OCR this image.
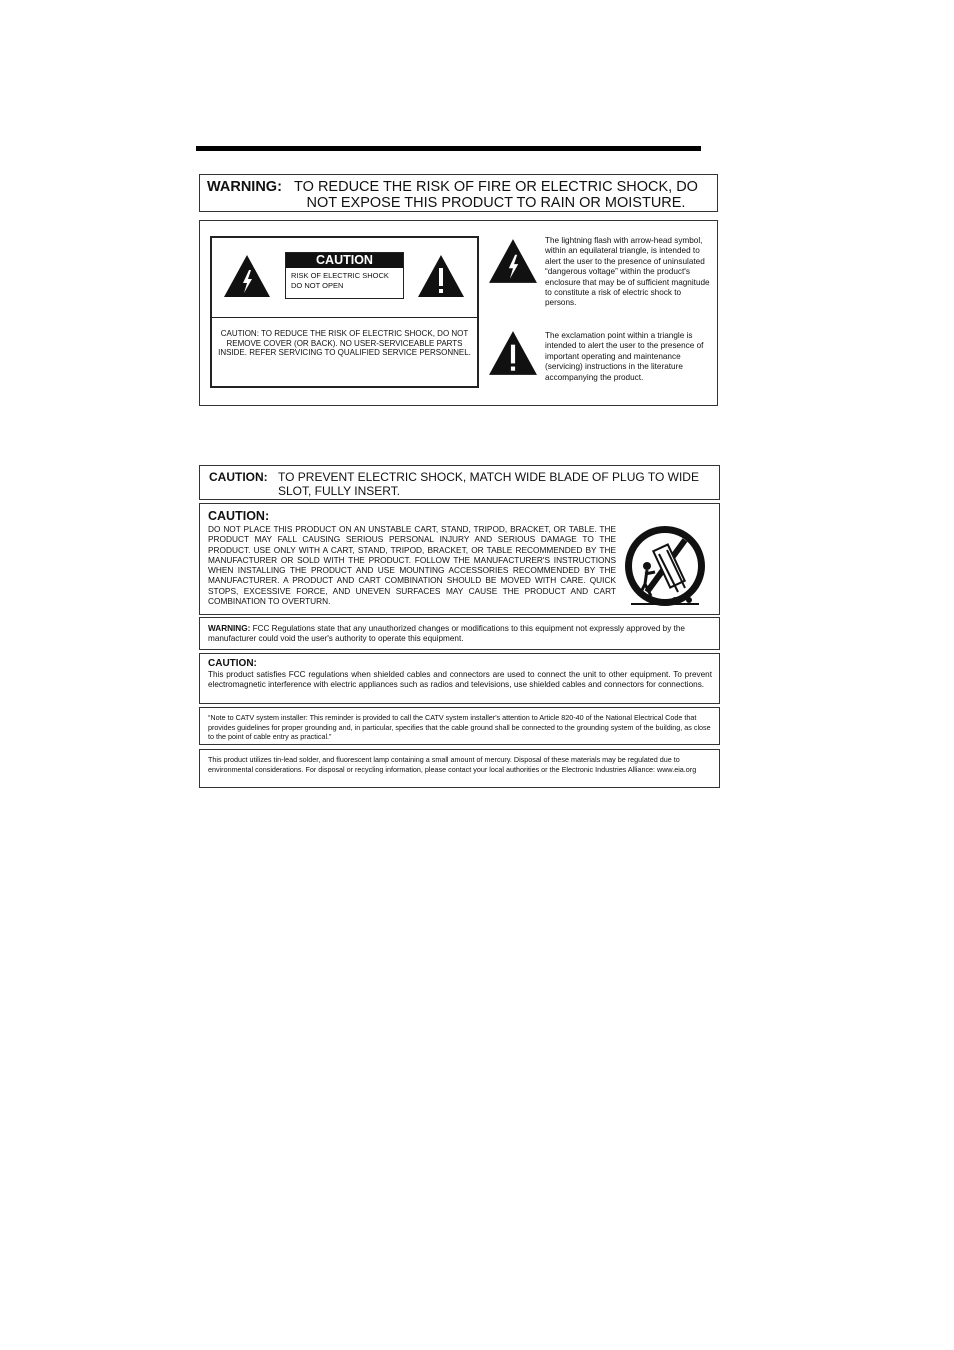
WARNING: TO REDUCE THE RISK OF FIRE OR ELECTRIC SHOCK, DO NOT EXPOSE THIS PRODUCT TO RAIN OR MOISTURE.
CAUTION
RISK OF ELECTRIC SHOCK
DO NOT OPEN
CAUTION: TO REDUCE THE RISK OF ELECTRIC SHOCK, DO NOT REMOVE COVER (OR BACK). NO USER-SERVICEABLE PARTS INSIDE. REFER SERVICING TO QUALIFIED SERVICE PERSONNEL.
The lightning flash with arrow-head symbol, within an equilateral triangle, is intended to alert the user to the presence of uninsulated “dangerous voltage” within the product's enclosure that may be of sufficient magnitude to constitute a risk of electric shock to persons.
The exclamation point within a triangle is intended to alert the user to the presence of important operating and maintenance (servicing) instructions in the literature accompanying the product.
CAUTION: TO PREVENT ELECTRIC SHOCK, MATCH WIDE BLADE OF PLUG TO WIDE SLOT, FULLY INSERT.
CAUTION:
DO NOT PLACE THIS PRODUCT ON AN UNSTABLE CART, STAND, TRIPOD, BRACKET, OR TABLE. THE PRODUCT MAY FALL CAUSING SERIOUS PERSONAL INJURY AND SERIOUS DAMAGE TO THE PRODUCT. USE ONLY WITH A CART, STAND, TRIPOD, BRACKET, OR TABLE RECOMMENDED BY THE MANUFACTURER OR SOLD WITH THE PRODUCT. FOLLOW THE MANUFACTURER'S INSTRUCTIONS WHEN INSTALLING THE PRODUCT AND USE MOUNTING ACCESSORIES RECOMMENDED BY THE MANUFACTURER. A PRODUCT AND CART COMBINATION SHOULD BE MOVED WITH CARE. QUICK STOPS, EXCESSIVE FORCE, AND UNEVEN SURFACES MAY CAUSE THE PRODUCT AND CART COMBINATION TO OVERTURN.
WARNING: FCC Regulations state that any unauthorized changes or modifications to this equipment not expressly approved by the manufacturer could void the user's authority to operate this equipment.
CAUTION:
This product satisfies FCC regulations when shielded cables and connectors are used to connect the unit to other equipment. To prevent electromagnetic interference with electric appliances such as radios and televisions, use shielded cables and connectors for connections.
“Note to CATV system installer: This reminder is provided to call the CATV system installer's attention to Article 820-40 of the National Electrical Code that provides guidelines for proper grounding and, in particular, specifies that the cable ground shall be connected to the grounding system of the building, as close to the point of cable entry as practical.”
This product utilizes tin-lead solder, and fluorescent lamp containing a small amount of mercury. Disposal of these materials may be regulated due to environmental considerations. For disposal or recycling information, please contact your local authorities or the Electronic Industries Alliance: www.eia.org
